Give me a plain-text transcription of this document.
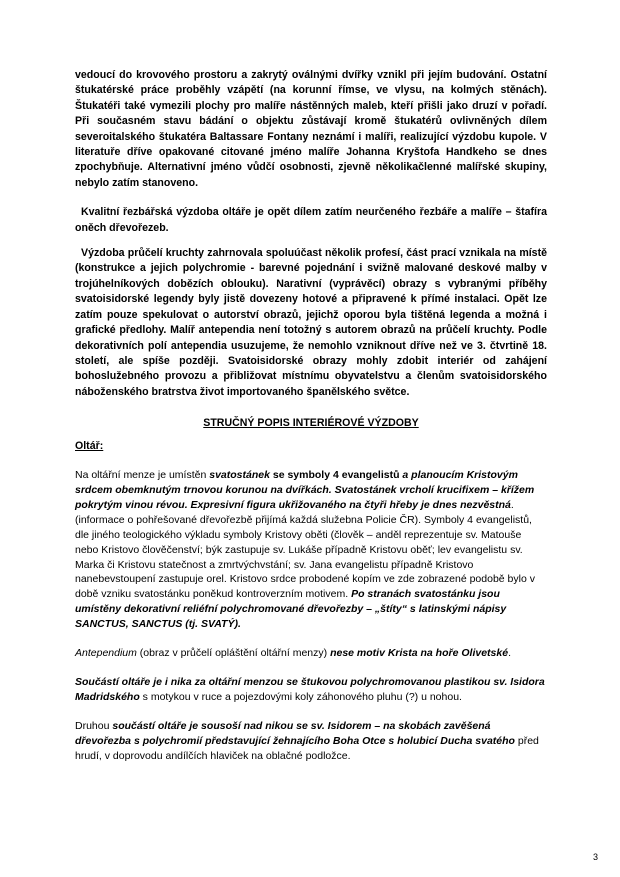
vedoucí do krovového prostoru a zakrytý oválnými dvířky vznikl při jejím budování. Ostatní štukatérské práce proběhly vzápětí (na korunní římse, ve vlysu, na kolmých stěnách). Štukatéři také vymezili plochy pro malíře nástěnných maleb, kteří přišli jako druzí v pořadí. Při současném stavu bádání o objektu zůstávají kromě štukatérů ovlivněných dílem severoitalského štukatéra Baltassare Fontany neznámí i malíři, realizující výzdobu kupole. V literatuře dříve opakované citované jméno malíře Johanna Kryštofa Handkeho se dnes zpochybňuje. Alternativní jméno vůdčí osobnosti, zjevně několikačlenné malířské skupiny, nebylo zatím stanoveno.

Kvalitní řezbářská výzdoba oltáře je opět dílem zatím neurčeného řezbáře a malíře – štafíra oněch dřevořezeb.

Výzdoba průčelí kruchty zahrnovala spoluúčast několik profesí, část prací vznikala na místě (konstrukce a jejich polychromie - barevné pojednání i svižně malované deskové malby v trojúhelníkových dobězích oblouku). Narativní (vyprávěcí) obrazy s vybranými příběhy svatoisidorské legendy byly jistě dovezeny hotové a připravené k přímé instalaci. Opět lze zatím pouze spekulovat o autorství obrazů, jejichž oporou byla tištěná legenda a možná i grafické předlohy. Malíř antependia není totožný s autorem obrazů na průčelí kruchty. Podle dekorativních polí antependia usuzujeme, že nemohlo vzniknout dříve než ve 3. čtvrtině 18. století, ale spíše později. Svatoisidorské obrazy mohly zdobit interiér od zahájení bohoslužebného provozu a přibližovat místnímu obyvatelstvu a členům svatoisidorského náboženského bratrstva život importovaného španělského světce.

STRUČNÝ POPIS INTERIÉROVÉ VÝZDOBY

Oltář:

Na oltářní menze je umístěn svatostánek se symboly 4 evangelistů a planoucím Kristovým srdcem obemknutým trnovou korunou na dvířkách. Svatostánek vrcholí krucifixem – křížem pokrytým vinou révou. Expresivní figura ukřižovaného na čtyři hřeby je dnes nezvěstná. (informace o pohřešované dřevořezbě přijímá každá služebna Policie ČR). Symboly 4 evangelistů, dle jiného teologického výkladu symboly Kristovy oběti (člověk – anděl reprezentuje sv. Matouše nebo Kristovo člověčenství; býk zastupuje sv. Lukáše případně Kristovu oběť; lev evangelistu sv. Marka či Kristovu statečnost a zmrtvýchvstání; sv. Jana evangelistu případně Kristovo nanebevstoupení zastupuje orel. Kristovo srdce probodené kopím ve zde zobrazené podobě bylo v době vzniku svatostánku poněkud kontroverzním motivem. Po stranách svatostánku jsou umístěny dekorativní reliéfní polychromované dřevořezby – „štíty“ s latinskými nápisy SANCTUS, SANCTUS (tj. SVATÝ).

Antependium (obraz v průčelí opláštění oltářní menzy) nese motiv Krista na hoře Olivetské.

Součástí oltáře je i nika za oltářní menzou se štukovou polychromovanou plastikou sv. Isidora Madridského s motykou v ruce a pojezdovými koly záhonového pluhu (?) u nohou.

Druhou součástí oltáře je sousoší nad nikou se sv. Isidorem – na skobách zavěšená dřevořezba s polychromií představující žehnajícího Boha Otce s holubicí Ducha svatého před hrudí, v doprovodu andílčích hlaviček na oblačné podložce.

3
